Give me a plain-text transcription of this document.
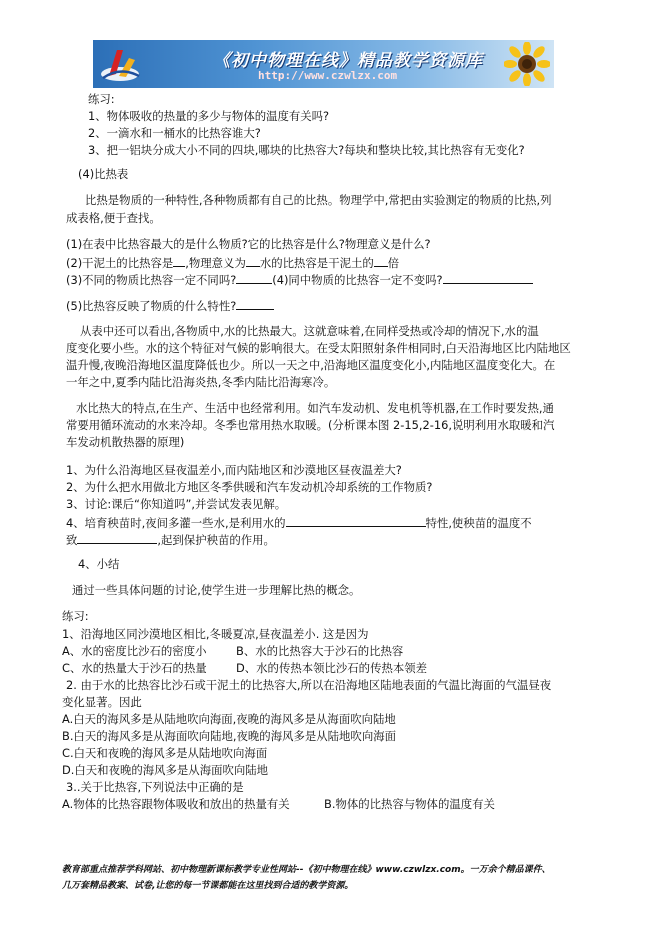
《初中物理在线》精品教学资源库
http://www.czwlzx.com
练习:
1、物体吸收的热量的多少与物体的温度有关吗?
2、一滴水和一桶水的比热容谁大?
3、把一铝块分成大小不同的四块,哪块的比热容大?每块和整块比较,其比热容有无变化?
(4)比热表
比热是物质的一种特性,各种物质都有自己的比热。物理学中,常把由实验测定的物质的比热,列
成表格,便于查找。
(1)在表中比热容最大的是什么物质?它的比热容是什么?物理意义是什么?
(2)干泥土的比热容是 ,物理意义为 水的比热容是干泥土的 倍
(3)不同的物质比热容一定不同吗?	(4)同中物质的比热容一定不变吗?
(5)比热容反映了物质的什么特性?
从表中还可以看出,各物质中,水的比热最大。这就意味着,在同样受热或冷却的情况下,水的温
度变化要小些。水的这个特征对气候的影响很大。在受太阳照射条件相同时,白天沿海地区比内陆地区
温升慢,夜晚沿海地区温度降低也少。所以一天之中,沿海地区温度变化小,内陆地区温度变化大。在
一年之中,夏季内陆比沿海炎热,冬季内陆比沿海寒冷。
水比热大的特点,在生产、生活中也经常利用。如汽车发动机、发电机等机器,在工作时要发热,通
常要用循环流动的水来冷却。冬季也常用热水取暖。(分析课本图 2-15,2-16,说明利用水取暖和汽
车发动机散热器的原理)
1、为什么沿海地区昼夜温差小,而内陆地区和沙漠地区昼夜温差大?
2、为什么把水用做北方地区冬季供暖和汽车发动机冷却系统的工作物质?
3、讨论:课后“你知道吗”,并尝试发表见解。
4、培育秧苗时,夜间多灌一些水,是利用水的	特性,使秧苗的温度不
致	,起到保护秧苗的作用。
4、小结
通过一些具体问题的讨论,使学生进一步理解比热的概念。
练习:
1、沿海地区同沙漠地区相比,冬暖夏凉,昼夜温差小. 这是因为
A、水的密度比沙石的密度小	B、水的比热容大于沙石的比热容
C、水的热量大于沙石的热量	D、水的传热本领比沙石的传热本领差
2. 由于水的比热容比沙石或干泥土的比热容大,所以在沿海地区陆地表面的气温比海面的气温昼夜
变化显著。因此
A.白天的海风多是从陆地吹向海面,夜晚的海风多是从海面吹向陆地
B.白天的海风多是从海面吹向陆地,夜晚的海风多是从陆地吹向海面
C.白天和夜晚的海风多是从陆地吹向海面
D.白天和夜晚的海风多是从海面吹向陆地
3..关于比热容,下列说法中正确的是
A.物体的比热容跟物体吸收和放出的热量有关	B.物体的比热容与物体的温度有关
教育部重点推荐学科网站、初中物理新课标教学专业性网站--《初中物理在线》www.czwlzx.com。一万余个精品课件、
几万套精品教案、试卷,让您的每一节课都能在这里找到合适的教学资源。
